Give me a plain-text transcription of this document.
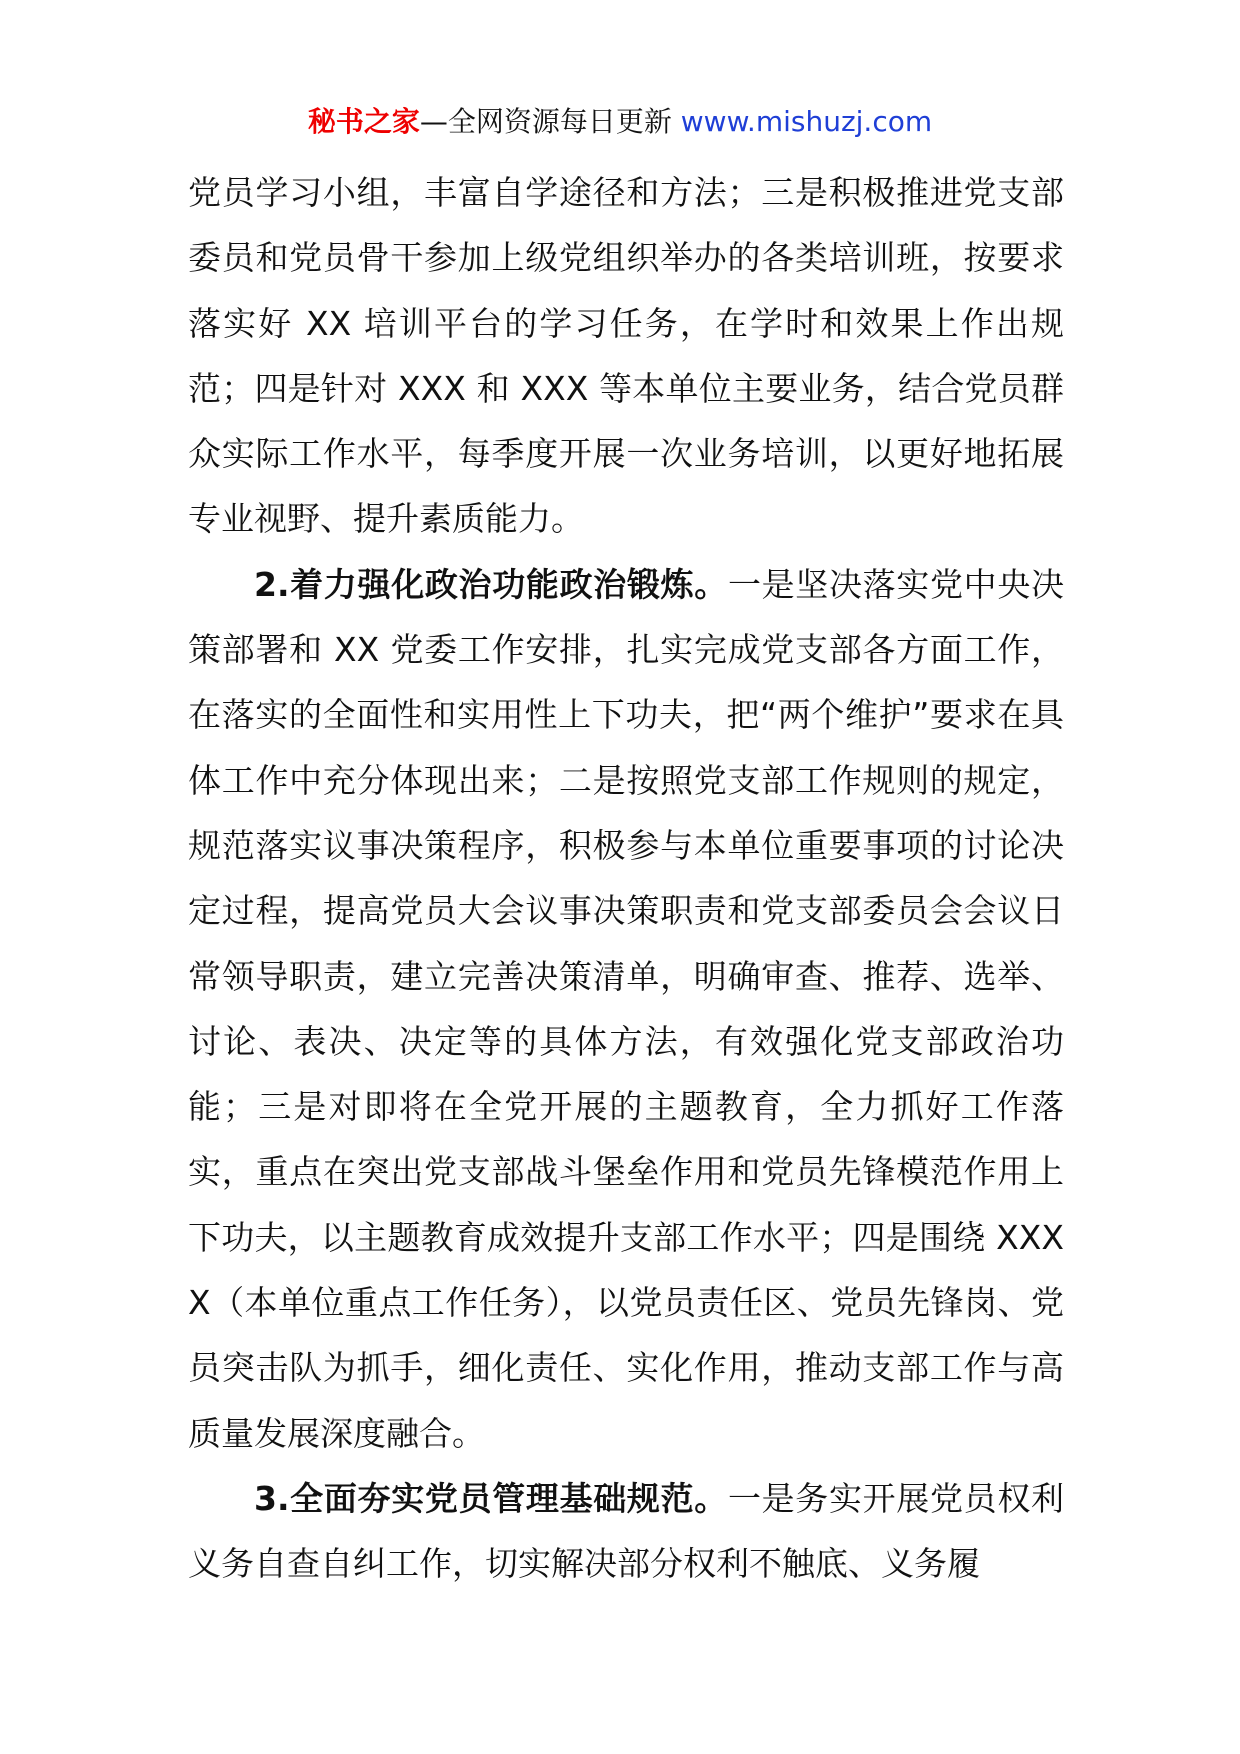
秘书之家—全网资源每日更新 www.mishuzj.com

党员学习小组，丰富自学途径和方法；三是积极推进党支部委员和党员骨干参加上级党组织举办的各类培训班，按要求落实好 XX 培训平台的学习任务，在学时和效果上作出规范；四是针对 XXX 和 XXX 等本单位主要业务，结合党员群众实际工作水平，每季度开展一次业务培训，以更好地拓展专业视野、提升素质能力。

2.着力强化政治功能政治锻炼。一是坚决落实党中央决策部署和 XX 党委工作安排，扎实完成党支部各方面工作，在落实的全面性和实用性上下功夫，把“两个维护”要求在具体工作中充分体现出来；二是按照党支部工作规则的规定，规范落实议事决策程序，积极参与本单位重要事项的讨论决定过程，提高党员大会议事决策职责和党支部委员会会议日常领导职责，建立完善决策清单，明确审查、推荐、选举、讨论、表决、决定等的具体方法，有效强化党支部政治功能；三是对即将在全党开展的主题教育，全力抓好工作落实，重点在突出党支部战斗堡垒作用和党员先锋模范作用上下功夫，以主题教育成效提升支部工作水平；四是围绕 XXXX（本单位重点工作任务），以党员责任区、党员先锋岗、党员突击队为抓手，细化责任、实化作用，推动支部工作与高质量发展深度融合。

3.全面夯实党员管理基础规范。一是务实开展党员权利义务自查自纠工作，切实解决部分权利不触底、义务履
